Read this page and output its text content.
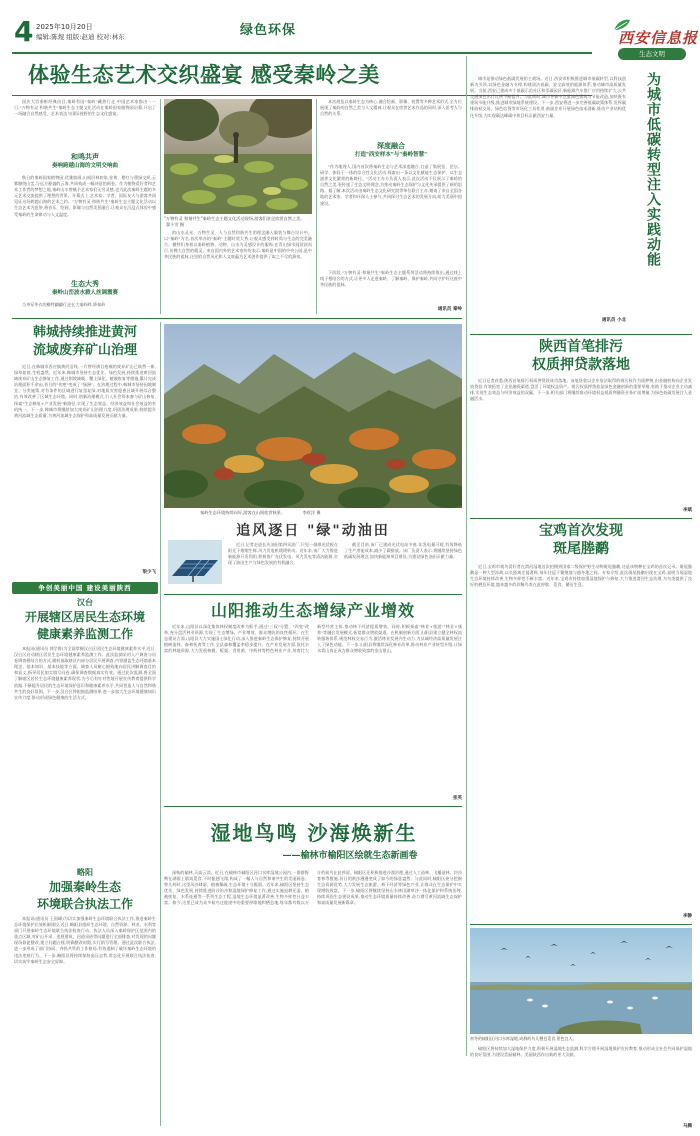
4 2025年10月20日
编辑:陈煜 组版:赵迪 校对:林东	绿色环保	西安信息报
生态文明
体验生态艺术交织盛宴 感受秦岭之美

国庆大咨泰彬经典由目,秦岭有国"秦岭"藏热行走,中国艺术家都由一一日,"万物有灵·和谐共生"秦岭生态主题文化活动在秦岭国家植物园启幕,开启了一场融合自然感受、艺术表达与国际视野的生态文化盛宴。

和鸣共声
奏响跨越山海的文明交响曲

秋日的秦岭国家植物园,优雅如画,山间层林初染,金黄、橙红与墨绿交织,云雾缭绕山峦,与远方静谧的云海,共同构成一幅诗意的画卷。作为植物爱好者和艺术工作者的梦想之地,秦岭山水曾赋予艺术家们无穷灵感,也为此次秦岭主题的多元艺术交流提供了理想的背景。开幕式上,艺术家、学者、国际友人与游客共同见证这场跨越山海的艺术之约。"万物有灵·和谐共生"秦岭生态主题文化活动以生态艺术为纽带,将音乐、绘画、影像与自然美景融合,让观众在沉浸式体验中感受秦岭的生命律动与人文温度。

生态大秀
秦岭山峦波水掀人丝调震赛

当身穿华衣的模特翩翩行走在大秦岭畔,将秦岭

"万物有灵 和谐共生"秦岭生态主题文化活动现场,游客们驻足欣赏自然之美。 翟小雪 摄

的山水灵光、万物生灵、人与自然和谐共生的理念融入服装与舞台设计中。以"秦岭"为名,首次举办的"秦岭"主题时装大秀,让观众感受到时尚与生态的完美融合。模特们身着以秦岭植物、动物、山水为灵感设计的服饰,在青山绿水间款款而行,仿佛大自然的精灵。来自国内外的艺术家纷纷表示,秦岭是中国的中央公园,是中华民族的祖脉,这里的自然风光和人文底蕴为艺术创作提供了取之不尽的源泉。

本次展览以秦岭生态为核心,融合绘画、影像、装置等多种艺术形式,全方位展现了秦岭的自然之美与人文精神,让观众在欣赏艺术作品的同时,深入思考人与自然的关系。

深度融合
打造"西安样本"与"秦岭智慧"

"作为地理人,国内首次将秦岭生态与艺术深度融合,打造了集展览、论坛、研学、体验于一体的综合性文化活动,探索出一条以文化赋能生态保护、以生态滋养文化繁荣的新路径。"活动主办方负责人表示,此次活动不仅展示了秦岭的自然之美,更传递了生态文明理念,为推动秦岭生态保护与文化传承提供了新的思路。据了解,本次活动由秦岭生态文化研究院等单位联合主办,邀请了来自全国各地的艺术家、学者和环保人士参与,共同探讨生态艺术的发展方向,助力美丽中国建设。

下阶段,"万物有灵·和谐共生"秦岭生态主题系列活动将持续推出,通过线上线下相结合的方式,让更多人走进秦岭、了解秦岭、保护秦岭,共同守护好这座中华民族的祖脉。

通讯员 秦岭

城市是推动绿色低碳发展的主战场。近日,西安市积极推进城市低碳转型,以科技创新为引领,以绿色金融为支撑,构建清洁低碳、安全高效的能源体系,推动城市高质量发展。当前,西安已建成多个低碳示范社区和零碳园区,新能源汽车推广应用持续扩大,公共交通绿色出行比例不断提升。与此同时,城市更新中注重绿色建筑与节能改造,加快既有建筑节能升级,推进城市绿地系统建设。下一步,西安将进一步完善低碳政策体系,发挥碳排放权交易、绿色信贷等市场化工具作用,鼓励企业开展绿色技术创新,推动产业结构优化升级,为实现碳达峰碳中和目标贡献西安力量。

通讯员 小北
为城市低碳转型注入实践动能
陕西首笔排污
权质押贷款落地

近日记者获悉,陕西首笔排污权质押贷款成功落地。该笔贷款以企业依法取得的排污权作为质押物,由金融机构向企业发放贷款,有效拓宽了企业融资渠道,盘活了环境权益资产。排污权质押贷款是绿色金融创新的重要举措,有助于推动企业主动减排,实现生态效益与经济效益的双赢。下一步,相关部门将继续推动环境权益抵质押融资业务扩面增量,为绿色低碳发展注入金融活水。

李斌
宝鸡首次发现
斑尾塍鹬

近日,宝鸡市观鸟爱好者在渭河湿地首次拍摄到国家二级保护野生动物斑尾塍鹬,这是该物种在宝鸡的首次记录。斑尾塍鹬是一种大型涉禽,以长距离迁徙著称,每年往返于繁殖地与越冬地之间。专家介绍,此次斑尾塍鹬出现在宝鸡,说明当地湿地生态环境持续改善,生物多样性不断丰富。近年来,宝鸡市持续加强湿地保护与修复,大力推进渭河生态治理,为鸟类提供了良好的栖息环境,越来越多的珍稀鸟类在此停歇、觅食、繁衍生息。

李静
韩城持续推进黄河
流域废弃矿山治理

近日,在韩城市西庄镇黄河沿线,一片曾经满目疮痍的废弃矿山已焕然一新,绿草如茵,生机盎然。近年来,韩城市坚持生态优先、绿色发展,持续推进黄河流域废弃矿山生态修复工作,通过削坡减载、覆土绿化、植被恢复等措施,累计完成治理面积千余亩,昔日的"伤疤"变成了"绿洲"。在治理过程中,韩城市坚持因地制宜、分类施策,对有条件的区域进行复垦复绿,对地质灾害隐患区域开展综合整治,有效改善了区域生态环境。同时,创新治理模式,引入社会资本参与矿山修复,探索"生态修复+产业发展"新路径,实现了生态效益、经济效益和社会效益的有机统一。下一步,韩城市将继续加大废弃矿山治理力度,巩固治理成果,持续提升黄河流域生态质量,为黄河流域生态保护和高质量发展贡献力量。

梁少飞
争创美丽中国 建设美丽陕西
汉台
开展辖区居民生态环境
健康素养监测工作

本报讯(通讯员 郭学群)为全面掌握汉台区居民生态环境健康素养水平,近日,汉台区启动辖区居民生态环境健康素养监测工作。此次监测采用入户调查与问卷调查相结合的方式,随机抽取辖区内部分居民开展调查,内容涵盖生态环境基本理念、基本知识、基本技能等方面。调查人员耐心细致地向居民讲解调查目的和意义,指导居民如实填写问卷,确保调查数据真实有效。通过此次监测,将全面了解辖区居民生态环境健康素养现状,为今后有针对性地开展宣传教育提供科学依据,不断提升居民的生态环境保护意识和健康素养水平,共同营造人与自然和谐共生的良好氛围。下一步,汉台区将根据监测结果,进一步加大生态环境健康知识宣传力度,推动形成绿色健康的生活方式。

略阳
加强秦岭生态
环境联合执法工作

本报讯(通讯员 王国峰)为切实加强秦岭生态环境联合执法工作,推进秦岭生态环境保护长效机制建设,近日,略阳县组织生态环境、自然资源、林业、水利等部门开展秦岭生态环境联合执法检查行动。执法人员深入秦岭保护区范围内的重点区域,对矿山开采、违规建筑、河道采砂等问题进行全面排查,对发现的问题现场督促整改,建立问题台账,明确整改时限,实行销号管理。通过此次联合执法,进一步形成了部门协同、齐抓共管的工作格局,有效遏制了破坏秦岭生态环境的违法违规行为。下一步,略阳县将持续保持高压态势,常态化开展联合执法检查,切实筑牢秦岭生态安全屏障。

秦岭生态环境持续向好,游客在山间欣赏秋景。	李欣洋 摄
追风逐日 "绿"动油田

近日,记者走进长庆油田第四采油厂,只见一排排光伏板在阳光下熠熠生辉,风力发电机缓缓转动。近年来,该厂大力推进新能源开发利用,积极推广光伏发电、风力发电等清洁能源,实现了油田生产与绿色发展的有机融合。

截至目前,该厂已建成光伏电站多座,年发电量可观,有效降低了生产用能成本,减少了碳排放。该厂负责人表示,将继续坚持绿色低碳发展理念,加快新能源项目建设,为建设绿色油田贡献力量。

山阳推动生态增绿产业增效

近年来,山阳县以深化集体林权制度改革为抓手,通过"三权"分置、"四变"改革,充分盘活林业资源,实现了生态增绿、产业增效、群众增收的良性循环。在生态建设方面,山阳县大力实施国土绿化行动,深入推进秦岭生态保护修复,持续开展植树造林、森林抚育等工作,全县森林覆盖率稳步提升。在产业发展方面,依托丰富的林地资源,大力发展核桃、板栗、食用菌、中药材等特色林业产业,培育壮大新型经营主体,推动林下经济提质增效。同时,积极探索"林业+旅游""林业+康养"等融合发展模式,拓宽群众增收渠道。在机制创新方面,山阳县建立健全林权流转服务体系,规范林权交易行为,激活林业发展内生动力,为县域经济高质量发展注入了绿色动能。下一步,山阳县将继续深化林业改革,推动林业产业转型升级,让绿水青山真正成为群众增收致富的金山银山。

张英
湿地鸟鸣 沙海焕新生
——榆林市榆阳区绘就生态新画卷

深秋的榆林,天高云淡。近日,在榆林市榆阳区河口水库湿地公园内,一群群野鸭在湖面上嬉戏觅食,不时振翅飞翔,构成了一幅人与自然和谐共生的美丽画卷。曾几何时,这里风沙肆虐、植被稀疏,生态环境十分脆弱。近年来,榆阳区坚持生态优先、绿色发展,持续推进防沙治沙和湿地保护修复工作,通过实施退耕还湿、植被恢复、水系连通等一系列生态工程,湿地生态环境显著改善,生物多样性日益丰富。如今,这里已成为众多候鸟迁徙途中的重要停歇地和栖息地,每年都有数以万计的候鸟在此停留。榆阳区还积极推进沙漠治理,通过人工造林、飞播造林、封沙育林等措施,昔日的黄沙漫漫变成了如今的绿意盎然。与此同时,榆阳区充分挖掘生态资源优势,大力发展生态旅游、林下经济等绿色产业,让群众在生态保护中实现增收致富。下一步,榆阳区将继续坚持山水林田湖草沙一体化保护和系统治理,持续巩固生态建设成果,推动生态环境质量持续改善,奋力谱写黄河流域生态保护和高质量发展新篇章。

初冬的榆阳区河口水库湿地,成群的鸟儿栖息觅食,景色宜人。

榆阳区将持续加大湿地保护力度,积极开展湿地生态监测,科学合理开展湿地保护宣传教育,推动形成全社会共同保护湿地的良好氛围,为建设美丽榆林、美丽陕西作出新的更大贡献。

马腾
